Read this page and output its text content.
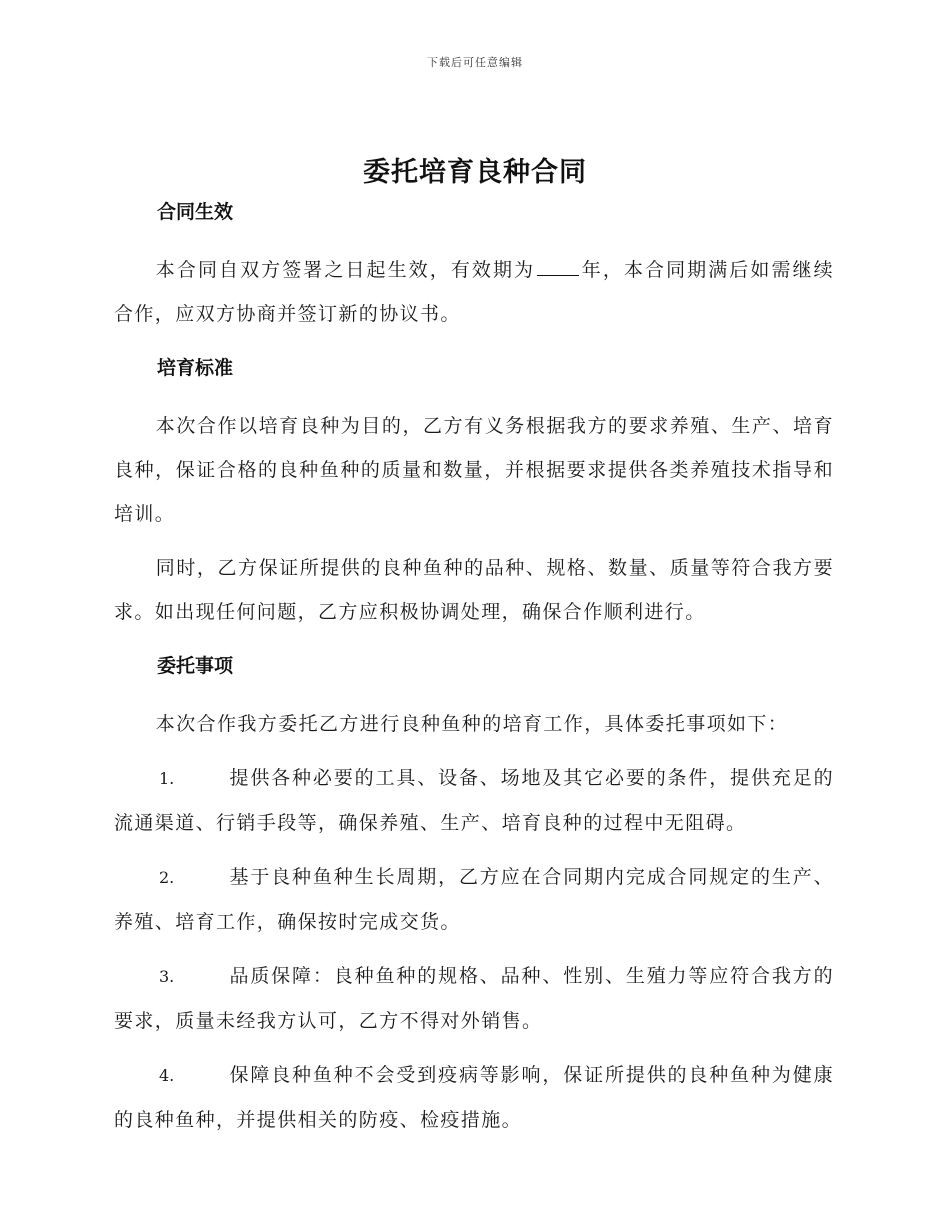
下载后可任意编辑
委托培育良种合同
合同生效

本合同自双方签署之日起生效，有效期为 年，本合同期满后如需继续合作，应双方协商并签订新的协议书。

培育标准

本次合作以培育良种为目的，乙方有义务根据我方的要求养殖、生产、培育良种，保证合格的良种鱼种的质量和数量，并根据要求提供各类养殖技术指导和培训。

同时，乙方保证所提供的良种鱼种的品种、规格、数量、质量等符合我方要求。如出现任何问题，乙方应积极协调处理，确保合作顺利进行。

委托事项

本次合作我方委托乙方进行良种鱼种的培育工作，具体委托事项如下：

1.	提供各种必要的工具、设备、场地及其它必要的条件，提供充足的流通渠道、行销手段等，确保养殖、生产、培育良种的过程中无阻碍。

2.	基于良种鱼种生长周期，乙方应在合同期内完成合同规定的生产、养殖、培育工作，确保按时完成交货。

3.	品质保障：良种鱼种的规格、品种、性别、生殖力等应符合我方的要求，质量未经我方认可，乙方不得对外销售。

4.	保障良种鱼种不会受到疫病等影响，保证所提供的良种鱼种为健康的良种鱼种，并提供相关的防疫、检疫措施。
